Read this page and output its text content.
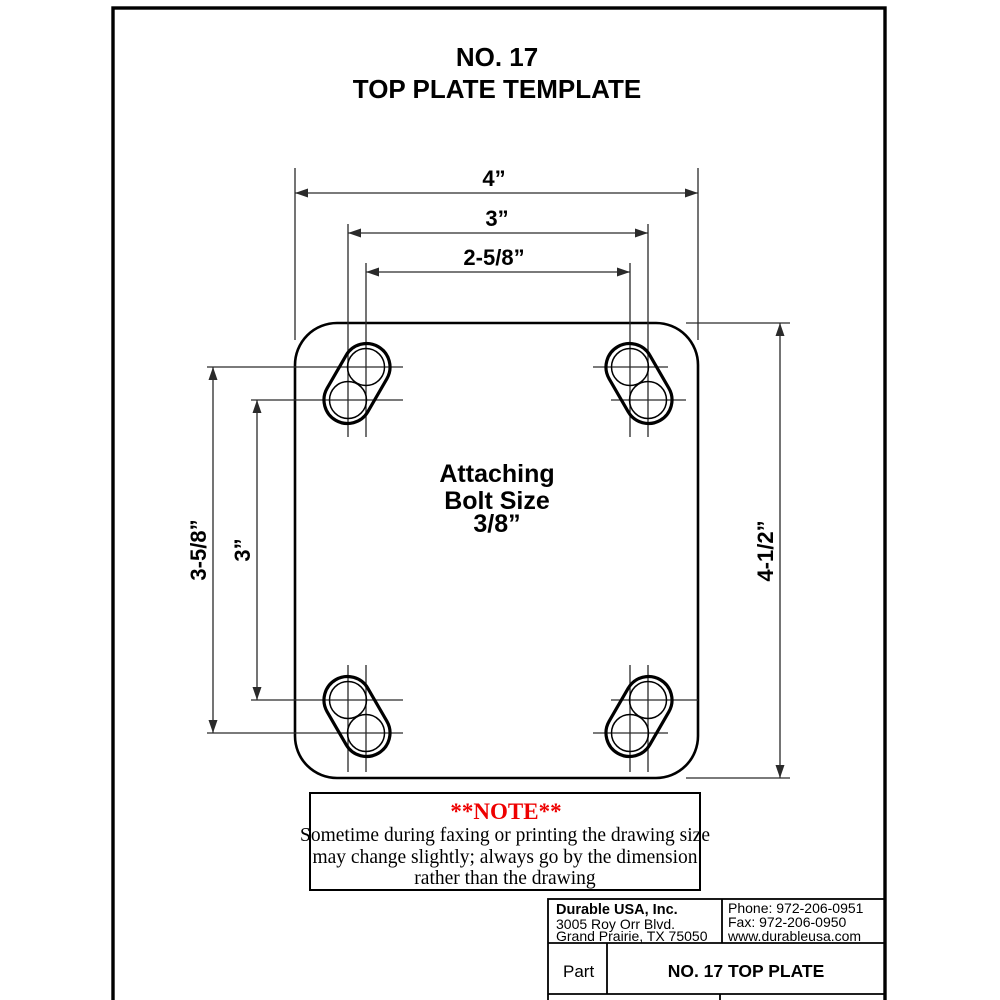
NO. 17
TOP PLATE TEMPLATE
4”
3”
2-5/8”
3-5/8” 3”	4-1/2”
Attaching
Bolt Size
3/8”
**NOTE**
Sometime during faxing or printing the drawing size
may change slightly; always go by the dimension
rather than the drawing
Durable USA, Inc.
3005 Roy Orr Blvd.
Grand Prairie, TX 75050
Phone: 972-206-0951
Fax: 972-206-0950
www.durableusa.com
Part	NO. 17 TOP PLATE
